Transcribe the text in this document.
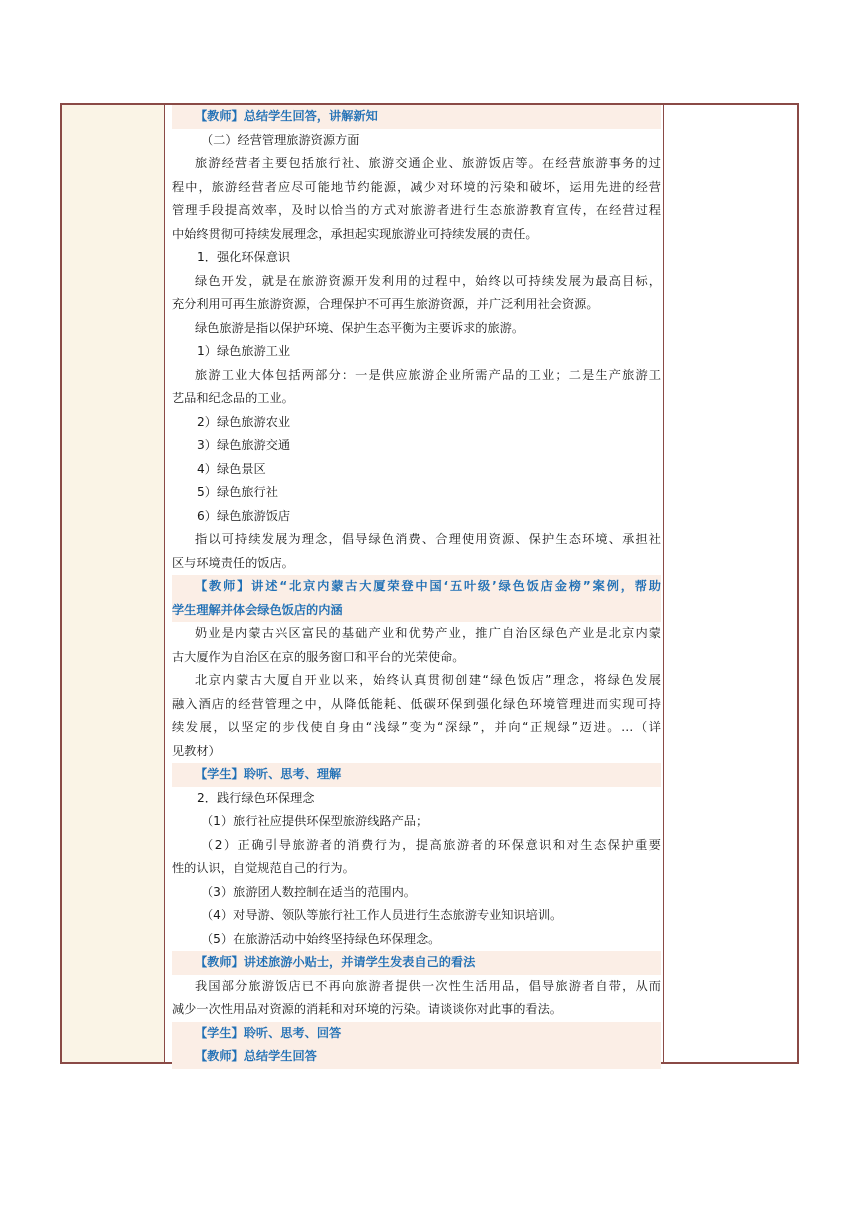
【教师】总结学生回答，讲解新知
（二）经营管理旅游资源方面
旅游经营者主要包括旅行社、旅游交通企业、旅游饭店等。在经营旅游事务的过
程中，旅游经营者应尽可能地节约能源，减少对环境的污染和破坏，运用先进的经营
管理手段提高效率，及时以恰当的方式对旅游者进行生态旅游教育宣传，在经营过程
中始终贯彻可持续发展理念，承担起实现旅游业可持续发展的责任。
1．强化环保意识
绿色开发，就是在旅游资源开发利用的过程中，始终以可持续发展为最高目标，
充分利用可再生旅游资源，合理保护不可再生旅游资源，并广泛利用社会资源。
绿色旅游是指以保护环境、保护生态平衡为主要诉求的旅游。
1）绿色旅游工业
旅游工业大体包括两部分：一是供应旅游企业所需产品的工业；二是生产旅游工
艺品和纪念品的工业。
2）绿色旅游农业
3）绿色旅游交通
4）绿色景区
5）绿色旅行社
6）绿色旅游饭店
指以可持续发展为理念，倡导绿色消费、合理使用资源、保护生态环境、承担社
区与环境责任的饭店。
【教师】讲述“北京内蒙古大厦荣登中国‘五叶级’绿色饭店金榜”案例，帮助
学生理解并体会绿色饭店的内涵
奶业是内蒙古兴区富民的基础产业和优势产业，推广自治区绿色产业是北京内蒙
古大厦作为自治区在京的服务窗口和平台的光荣使命。
北京内蒙古大厦自开业以来，始终认真贯彻创建“绿色饭店”理念，将绿色发展
融入酒店的经营管理之中，从降低能耗、低碳环保到强化绿色环境管理进而实现可持
续发展，以坚定的步伐使自身由“浅绿”变为“深绿”，并向“正规绿”迈进。…（详
见教材）
【学生】聆听、思考、理解
2．践行绿色环保理念
（1）旅行社应提供环保型旅游线路产品；
（2）正确引导旅游者的消费行为，提高旅游者的环保意识和对生态保护重要
性的认识，自觉规范自己的行为。
（3）旅游团人数控制在适当的范围内。
（4）对导游、领队等旅行社工作人员进行生态旅游专业知识培训。
（5）在旅游活动中始终坚持绿色环保理念。
【教师】讲述旅游小贴士，并请学生发表自己的看法
我国部分旅游饭店已不再向旅游者提供一次性生活用品，倡导旅游者自带，从而
减少一次性用品对资源的消耗和对环境的污染。请谈谈你对此事的看法。
【学生】聆听、思考、回答
【教师】总结学生回答
